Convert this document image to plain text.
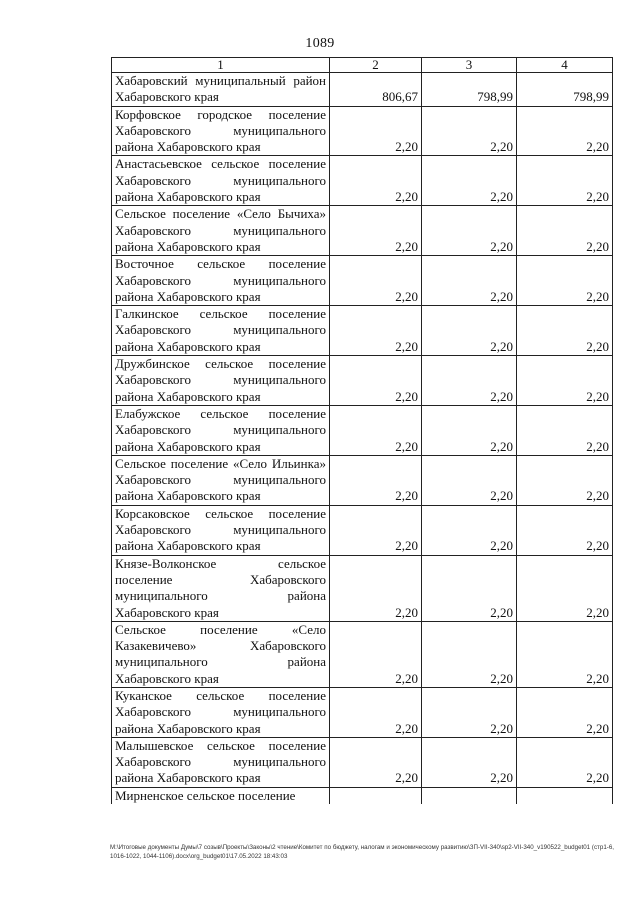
1089
1	2	3	4
Хабаровский муниципальный район Хабаровского края	806,67	798,99	798,99
Корфовское городское поселение Хабаровского муниципального района Хабаровского края	2,20	2,20	2,20
Анастасьевское сельское поселение Хабаровского муниципального района Хабаровского края	2,20	2,20	2,20
Сельское поселение «Село Бычиха» Хабаровского муниципального района Хабаровского края	2,20	2,20	2,20
Восточное сельское поселение Хабаровского муниципального района Хабаровского края	2,20	2,20	2,20
Галкинское сельское поселение Хабаровского муниципального района Хабаровского края	2,20	2,20	2,20
Дружбинское сельское поселение Хабаровского муниципального района Хабаровского края	2,20	2,20	2,20
Елабужское сельское поселение Хабаровского муниципального района Хабаровского края	2,20	2,20	2,20
Сельское поселение «Село Ильинка» Хабаровского муниципального района Хабаровского края	2,20	2,20	2,20
Корсаковское сельское поселение Хабаровского муниципального района Хабаровского края	2,20	2,20	2,20
Князе-Волконское сельское поселение Хабаровского муниципального района Хабаровского края	2,20	2,20	2,20
Сельское поселение «Село Казакевичево» Хабаровского муниципального района Хабаровского края	2,20	2,20	2,20
Куканское сельское поселение Хабаровского муниципального района Хабаровского края	2,20	2,20	2,20
Малышевское сельское поселение Хабаровского муниципального района Хабаровского края	2,20	2,20	2,20
Мирненское сельское поселение			
M:\Итоговые документы Думы\7 созыв\Проекты\Законы\2 чтение\Комитет по бюджету, налогам и экономическому развитию\ЗП-VII-340\sp2-VII-340_v190522_budget01 (стр1-6, 1016-1022, 1044-1106).docx\org_budget01\17.05.2022 18:43:03
